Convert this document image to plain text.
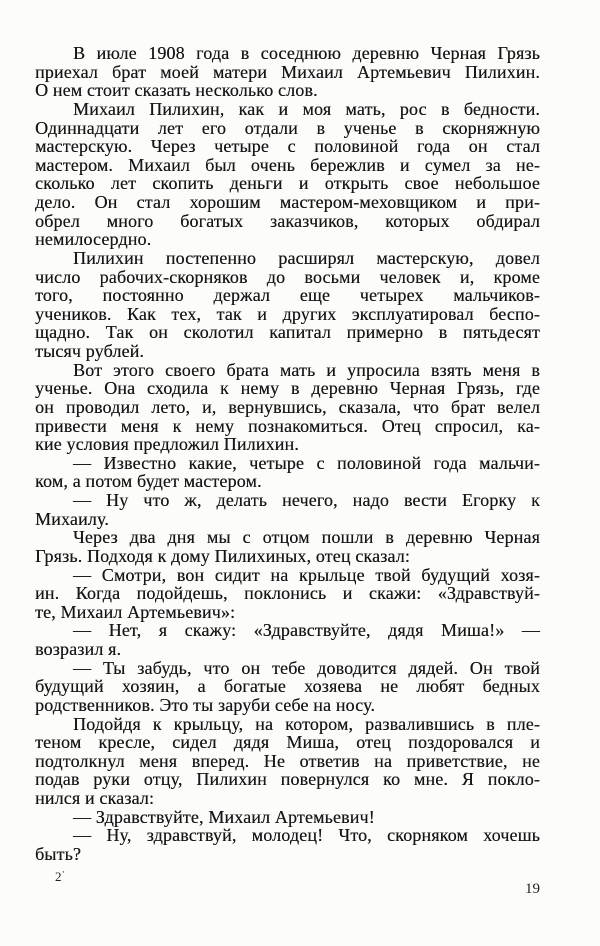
В июле 1908 года в соседнюю деревню Черная Грязь
приехал брат моей матери Михаил Артемьевич Пилихин.
О нем стоит сказать несколько слов.
Михаил Пилихин, как и моя мать, рос в бедности.
Одиннадцати лет его отдали в ученье в скорняжную
мастерскую. Через четыре с половиной года он стал
мастером. Михаил был очень бережлив и сумел за не-
сколько лет скопить деньги и открыть свое небольшое
дело. Он стал хорошим мастером-меховщиком и при-
обрел много богатых заказчиков, которых обдирал
немилосердно.
Пилихин постепенно расширял мастерскую, довел
число рабочих-скорняков до восьми человек и, кроме
того, постоянно держал еще четырех мальчиков-
учеников. Как тех, так и других эксплуатировал беспо-
щадно. Так он сколотил капитал примерно в пятьдесят
тысяч рублей.
Вот этого своего брата мать и упросила взять меня в
ученье. Она сходила к нему в деревню Черная Грязь, где
он проводил лето, и, вернувшись, сказала, что брат велел
привести меня к нему познакомиться. Отец спросил, ка-
кие условия предложил Пилихин.
— Известно какие, четыре с половиной года мальчи-
ком, а потом будет мастером.
— Ну что ж, делать нечего, надо вести Егорку к
Михаилу.
Через два дня мы с отцом пошли в деревню Черная
Грязь. Подходя к дому Пилихиных, отец сказал:
— Смотри, вон сидит на крыльце твой будущий хозя-
ин. Когда подойдешь, поклонись и скажи: «Здравствуй-
те, Михаил Артемьевич»:
— Нет, я скажу: «Здравствуйте, дядя Миша!» —
возразил я.
— Ты забудь, что он тебе доводится дядей. Он твой
будущий хозяин, а богатые хозяева не любят бедных
родственников. Это ты заруби себе на носу.
Подойдя к крыльцу, на котором, развалившись в пле-
теном кресле, сидел дядя Миша, отец поздоровался и
подтолкнул меня вперед. Не ответив на приветствие, не
подав руки отцу, Пилихин повернулся ко мне. Я покло-
нился и сказал:
— Здравствуйте, Михаил Артемьевич!
— Ну, здравствуй, молодец! Что, скорняком хочешь
быть?
2·
19
